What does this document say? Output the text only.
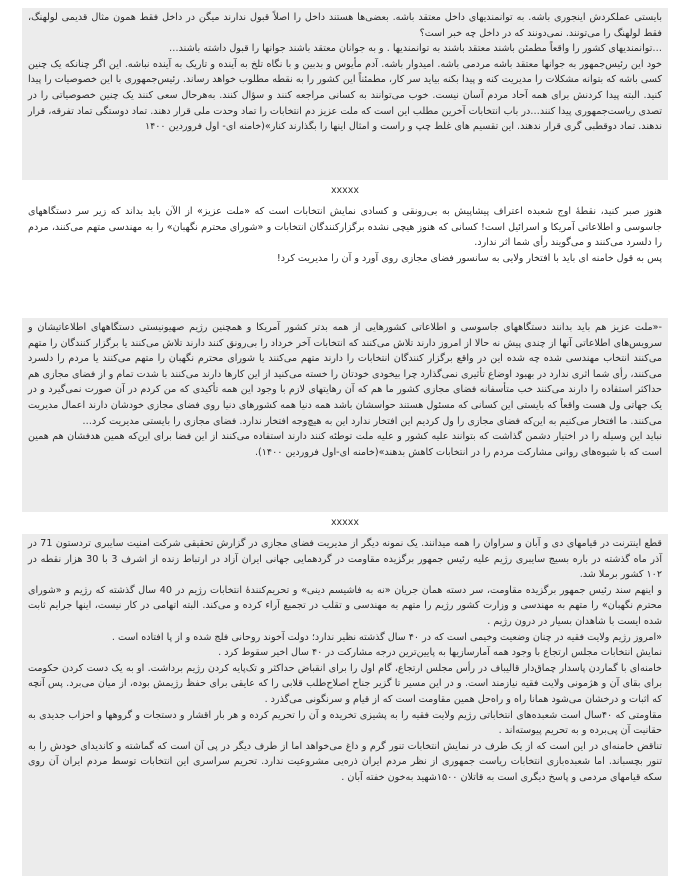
بایستی عملکردش اینجوری باشه. به توانمندیهای داخل معتقد باشه. بعضی‌ها هستند داخل را اصلاً قبول ندارند میگن در داخل فقط همون مثال قدیمی لولهنگ، فقط لولهنگ را می‌تونند. نمی‌دونند که در داخل چه خبر است؟

…توانمندیهای کشور را واقعاً مطمئن باشند معتقد باشند به توانمندیها . و به جوانان معتقد باشند جوانها را قبول داشته باشند…

خود این رئیس‌جمهور به جوانها معتقد باشه مردمی باشه. امیدوار باشه. آدم مأیوس و بدبین و با نگاه تلخ به آینده و تاریک به آینده نباشه. این اگر چنانکه یک چنین کسی باشه که بتوانه مشکلات را مدیریت کنه و پیدا بکنه بیاید سر کار، مطمئناً این کشور را به نقطه مطلوب خواهد رساند. رئیس‌جمهوری با این خصوصیات را پیدا کنید. البته پیدا کردنش برای همه آحاد مردم آسان نیست. خوب می‌توانند به کسانی مراجعه کنند و سؤال کنند. به‌هرحال سعی کنند یک چنین خصوصیاتی را در تصدی ریاست‌جمهوری پیدا کنند…در باب انتخابات آخرین مطلب این است که ملت عزیز دم انتخابات را تماد وحدت ملی قرار دهند. تماد دوستگی تماد تفرقه، قرار ندهند. تماد دوقطبی گری قرار ندهند. این تقسیم های غلط چپ و راست و امثال اینها را بگذارند کنار»(خامنه ای- اول فروردین ۱۴۰۰

xxxxx

هنوز صبر کنید، نقطهٔ اوج شعبده اعتراف پیشاپیش به بی‌رونقی و کسادی نمایش انتخابات است که «ملت عزیز» از الآن باید بداند که زیر سر دستگاههای جاسوسی و اطلاعاتی آمریکا و اسرائیل است! کسانی که هنوز هیچی نشده برگزارکنندگان انتخابات و «شورای محترم نگهبان» را به مهندسی متهم می‌کنند، مردم را دلسرد می‌کنند و می‌گویند رأی شما اثر ندارد.

پس به قول خامنه ای باید با افتخار ولایی به سانسور فضای مجازی روی آورد و آن را مدیریت کرد!

-«ملت عزیز هم باید بدانند دستگاههای جاسوسی و اطلاعاتی کشورهایی از همه بدتر کشور آمریکا و همچنین رژیم صهیونیستی دستگاههای اطلاعاتیشان و سرویس‌های اطلاعاتی آنها از چندی پیش نه حالا از امروز دارند تلاش می‌کنند که انتخابات آخر خرداد را بی‌رونق کنند دارند تلاش می‌کنند یا برگزار کنندگان را متهم می‌کنند انتخاب مهندسی شده چه شده این در واقع برگزار کنندگان انتخابات را دارند متهم می‌کنند یا شورای محترم نگهبان را متهم می‌کنند یا مردم را دلسرد می‌کنند، رأی شما اثری ندارد در بهبود اوضاع تأثیری نمی‌گذارد چرا بیخودی خودتان را خسته می‌کنید از این کارها دارند می‌کنند با شدت تمام و از فضای مجازی هم حداکثر استفاده را دارند می‌کنند خب متأسفانه فضای مجازی کشور ما هم که آن رهایتهای لازم با وجود این همه تأکیدی که من کردم در آن صورت نمی‌گیرد و در یک جهاتی ول هست واقعاً که بایستی این کسانی که مسئول هستند حواسشان باشد همه دنیا همه کشورهای دنیا روی فضای مجازی خودشان دارند اعمال مدیریت می‌کنند. ما افتخار می‌کنیم به این‌که فضای مجازی را ول کردیم این افتخار ندارد این به هیچ‌وجه افتخار ندارد. فضای مجازی را بایستی مدیریت کرد…

نباید این وسیله را در اختیار دشمن گذاشت که بتوانند علیه کشور و علیه ملت توطئه کنند دارند استفاده می‌کنند از این فضا برای این‌که همین هدفشان هم همین است که با شیوه‌های روانی مشارکت مردم را در انتخابات کاهش بدهند»(خامنه ای-اول فروردین ۱۴۰۰).

xxxxx

قطع اینترنت در قیامهای دی و آبان و سراوان را همه میدانند. یک نمونه دیگر از مدیریت فضای مجازی در گزارش تحقیقی شرکت امنیت سایبری تردستون 71 در آذر ماه گذشته در باره بسیج سایبری رژیم علیه رئیس جمهور برگزیده مقاومت در گردهمایی جهانی ایران آزاد در ارتباط زنده از اشرف 3 با 30 هزار نقطه در ۱۰۲ کشور برملا شد.

و اینهم سند رئیس جمهور برگزیده مقاومت، سر دسته همان جریان «نه به فاشیسم دینی» و تحریم‌کنندهٔ انتخابات رژیم در 40 سال گذشته که رژیم و «شورای محترم نگهبان» را متهم به مهندسی و وزارت کشور رژیم را متهم به مهندسی و تقلب در تجمیع آراء کرده و می‌کند. البته اتهامی در کار نیست، اینها جرایم ثابت شده ایست با شاهدان بسیار در درون رژیم .

«امروز رژیم ولایت فقیه در چنان وضعیت وخیمی است که در ۴۰ سال گذشته نظیر ندارد؛ دولت آخوند روحانی فلج شده و از پا افتاده است .

نمایش انتخابات مجلس ارتجاع با وجود همه آمارسازیها به پایین‌ترین درجه مشارکت در ۴۰ سال اخیر سقوط کرد .

خامنه‌ای با گماردن پاسدار چماق‌دار قالیباف در رأس مجلس ارتجاع، گام اول را برای انقباض حداکثر و تک‌پایه کردن رژیم برداشت. او به یک دست کردن حکومت برای بقای آن و هژمونی ولایت فقیه نیازمند است. و در این مسیر تا گزیر جناح اصلاح‌طلب قلابی را که عایقی برای حفظ رژیمش بوده، از میان می‌برد. پس آنچه که اثبات و درخشان می‌شود همانا راه و راه‌حل همین مقاومت است که از قیام و سرنگونی می‌گذرد .

مقاومتی که ۴۰سال است شعبده‌های انتخاباتی رژیم ولایت فقیه را به پشیزی تخریده و آن را تحریم کرده و هر بار اقشار و دستجات و گروهها و احزاب جدیدی به حقانیت آن پی‌برده و به تحریم پیوسته‌اند .

تناقض خامنه‌ای در این است که از یک طرف در نمایش انتخابات تنور گرم و داغ می‌خواهد اما از طرف دیگر در پی آن است که گماشته و کاندیدای خودش را به تنور بچسباند. اما شعبده‌بازی انتخابات ریاست جمهوری از نظر مردم ایران ذره‌یی مشروعیت ندارد. تحریم سراسری این انتخابات توسط مردم ایران آن روی سکه قیامهای مردمی و پاسخ دیگری است به قاتلان ۱۵۰۰شهید به‌خون خفته آبان .
